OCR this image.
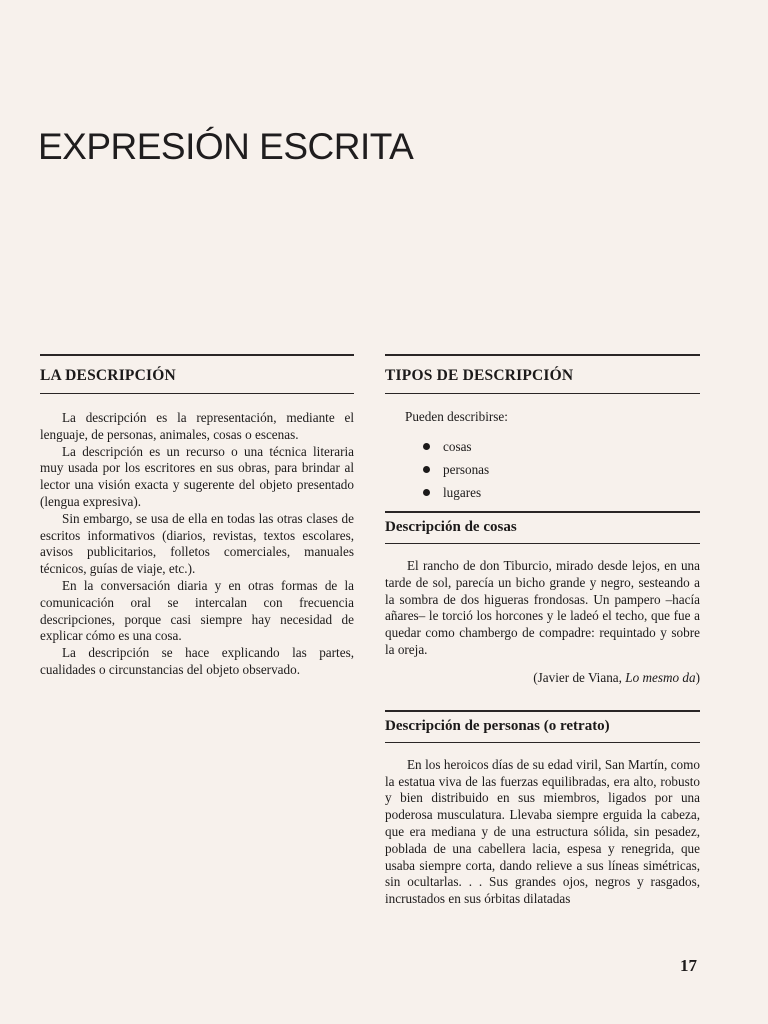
EXPRESIÓN ESCRITA
LA DESCRIPCIÓN

La descripción es la representación, mediante el lenguaje, de personas, animales, cosas o escenas.

La descripción es un recurso o una técnica literaria muy usada por los escritores en sus obras, para brindar al lector una visión exacta y sugerente del objeto presentado (lengua expresiva).

Sin embargo, se usa de ella en todas las otras clases de escritos informativos (diarios, revistas, textos escolares, avisos publicitarios, folletos comerciales, manuales técnicos, guías de viaje, etc.).

En la conversación diaria y en otras formas de la comunicación oral se intercalan con frecuencia descripciones, porque casi siempre hay necesidad de explicar cómo es una cosa.

La descripción se hace explicando las partes, cualidades o circunstancias del objeto observado.

TIPOS DE DESCRIPCIÓN

Pueden describirse:

cosas
personas
lugares
Descripción de cosas

El rancho de don Tiburcio, mirado desde lejos, en una tarde de sol, parecía un bicho grande y negro, sesteando a la sombra de dos higueras frondosas. Un pampero –hacía añares– le torció los horcones y le ladeó el techo, que fue a quedar como chambergo de compadre: requintado y sobre la oreja.

(Javier de Viana, Lo mesmo da)

Descripción de personas (o retrato)

En los heroicos días de su edad viril, San Martín, como la estatua viva de las fuerzas equilibradas, era alto, robusto y bien distribuido en sus miembros, ligados por una poderosa musculatura. Llevaba siempre erguida la cabeza, que era mediana y de una estructura sólida, sin pesadez, poblada de una cabellera lacia, espesa y renegrida, que usaba siempre corta, dando relieve a sus líneas simétricas, sin ocultarlas. . . Sus grandes ojos, negros y rasgados, incrustados en sus órbitas dilatadas

17
